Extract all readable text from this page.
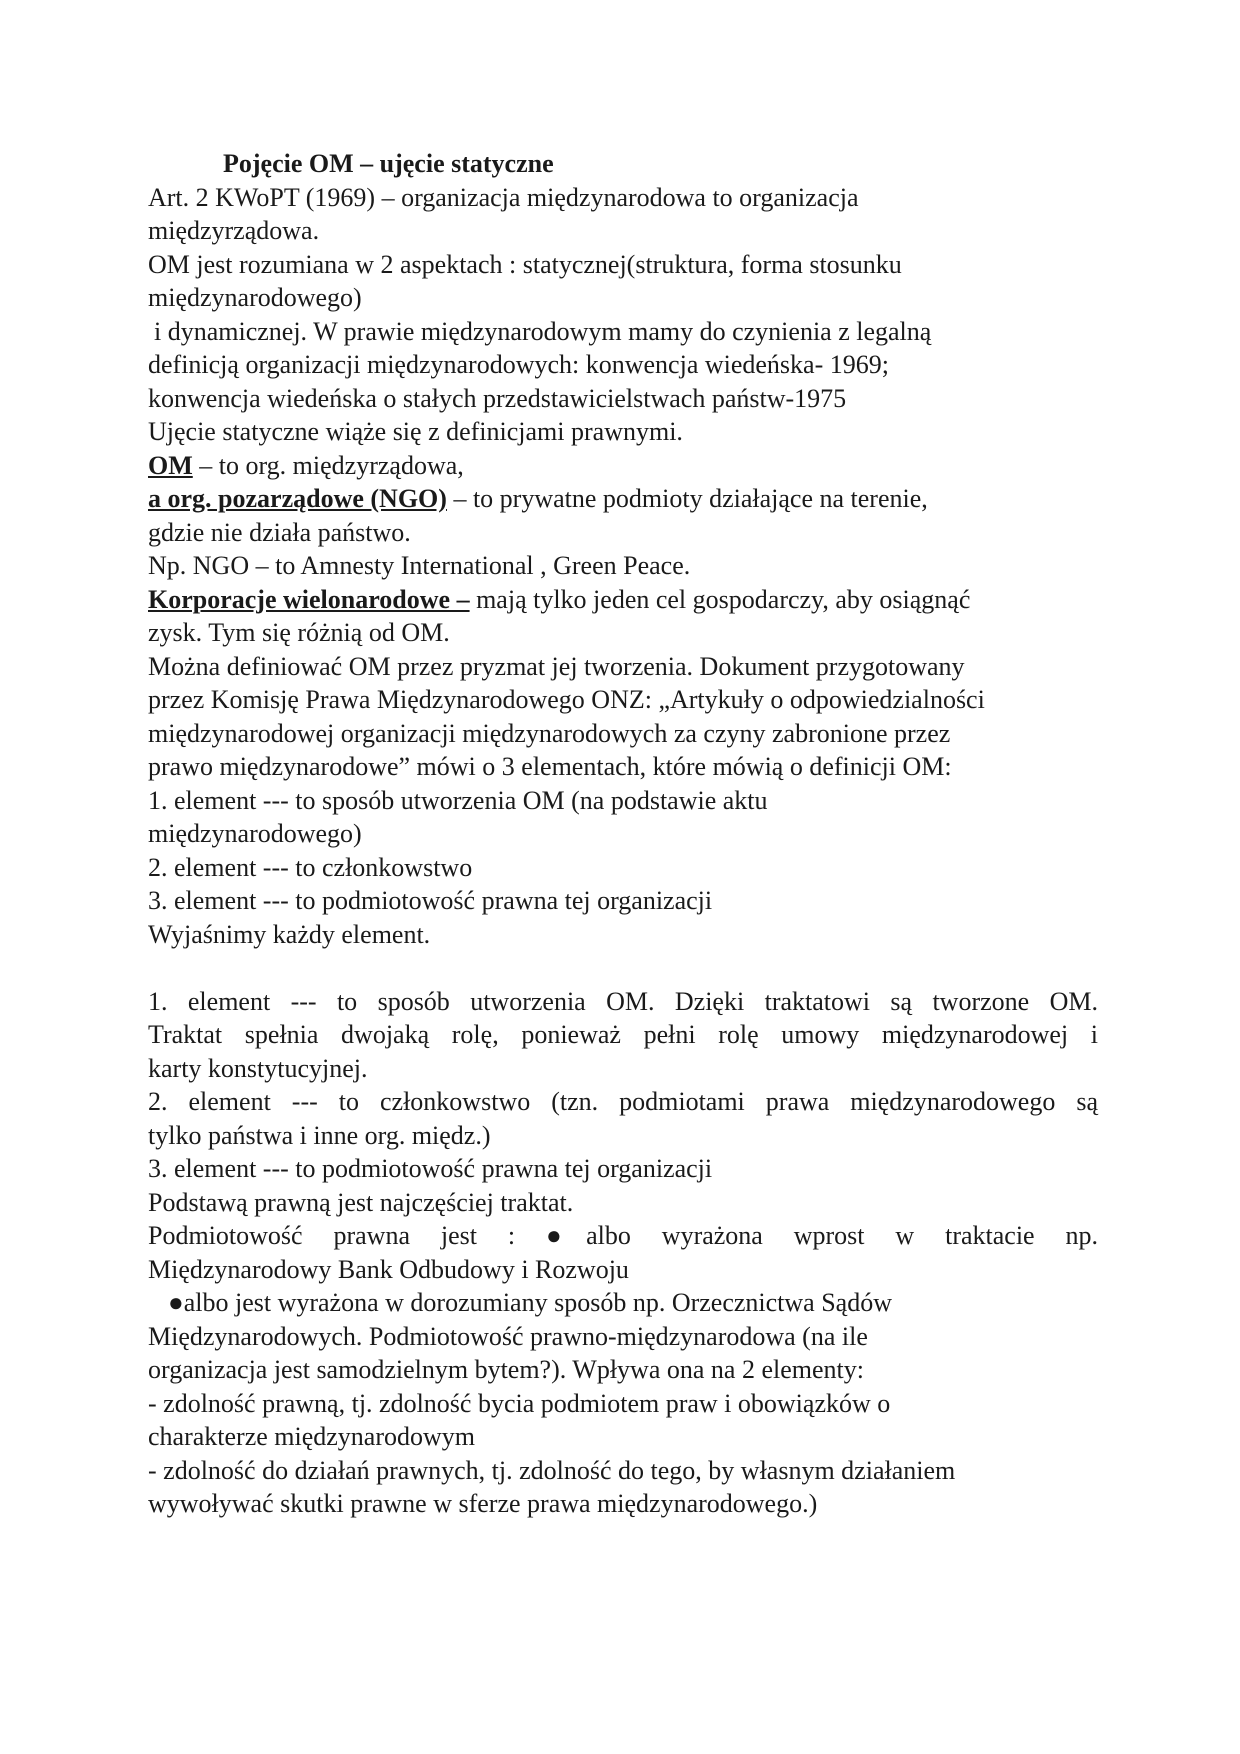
Pojęcie OM – ujęcie statyczne
Art. 2 KWoPT (1969) – organizacja międzynarodowa to organizacja
międzyrządowa.
OM jest rozumiana w 2 aspektach : statycznej(struktura, forma stosunku
międzynarodowego)
i dynamicznej. W prawie międzynarodowym mamy do czynienia z legalną
definicją organizacji międzynarodowych: konwencja wiedeńska- 1969;
konwencja wiedeńska o stałych przedstawicielstwach państw-1975
Ujęcie statyczne wiąże się z definicjami prawnymi.
OM – to org. międzyrządowa,
a org. pozarządowe (NGO) – to prywatne podmioty działające na terenie,
gdzie nie działa państwo.
Np. NGO – to Amnesty International , Green Peace.
Korporacje wielonarodowe – mają tylko jeden cel gospodarczy, aby osiągnąć
zysk. Tym się różnią od OM.
Można definiować OM przez pryzmat jej tworzenia. Dokument przygotowany
przez Komisję Prawa Międzynarodowego ONZ: „Artykuły o odpowiedzialności
międzynarodowej organizacji międzynarodowych za czyny zabronione przez
prawo międzynarodowe” mówi o 3 elementach, które mówią o definicji OM:
1. element --- to sposób utworzenia OM (na podstawie aktu
międzynarodowego)
2. element --- to członkowstwo
3. element --- to podmiotowość prawna tej organizacji
Wyjaśnimy każdy element.
1. element --- to sposób utworzenia OM. Dzięki traktatowi są tworzone OM.
Traktat spełnia dwojaką rolę, ponieważ pełni rolę umowy międzynarodowej i
karty konstytucyjnej.
2. element --- to członkowstwo (tzn. podmiotami prawa międzynarodowego są
tylko państwa i inne org. międz.)
3. element --- to podmiotowość prawna tej organizacji
Podstawą prawną jest najczęściej traktat.
Podmiotowość prawna jest : ●albo wyrażona wprost w traktacie np.
Międzynarodowy Bank Odbudowy i Rozwoju
●albo jest wyrażona w dorozumiany sposób np. Orzecznictwa Sądów
Międzynarodowych. Podmiotowość prawno-międzynarodowa (na ile
organizacja jest samodzielnym bytem?). Wpływa ona na 2 elementy:
- zdolność prawną, tj. zdolność bycia podmiotem praw i obowiązków o
charakterze międzynarodowym
- zdolność do działań prawnych, tj. zdolność do tego, by własnym działaniem
wywoływać skutki prawne w sferze prawa międzynarodowego.)
